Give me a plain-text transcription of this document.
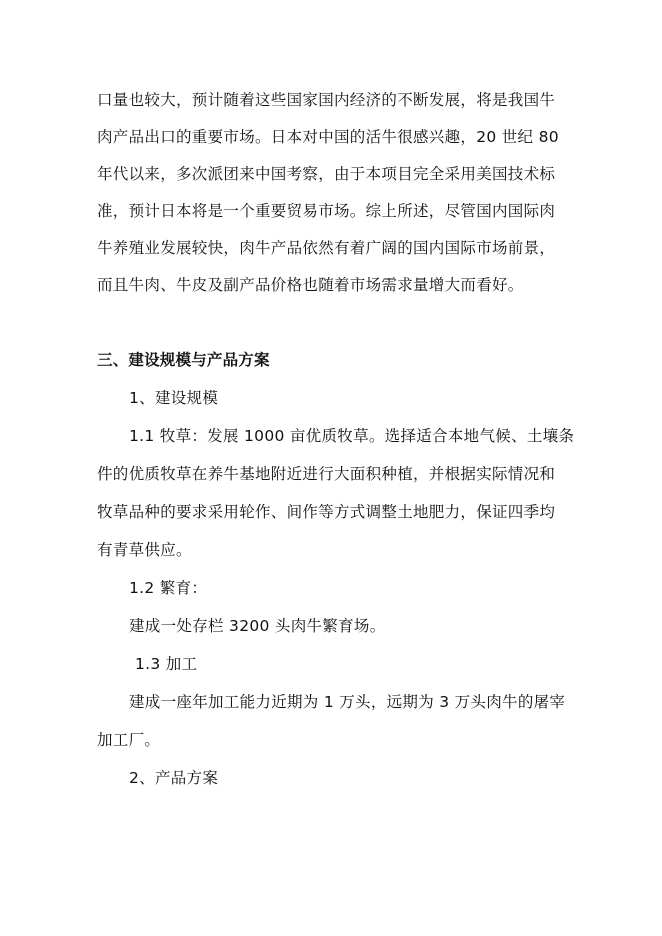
口量也较大，预计随着这些国家国内经济的不断发展，将是我国牛
肉产品出口的重要市场。日本对中国的活牛很感兴趣，20 世纪 80
年代以来，多次派团来中国考察，由于本项目完全采用美国技术标
准，预计日本将是一个重要贸易市场。综上所述，尽管国内国际肉
牛养殖业发展较快，肉牛产品依然有着广阔的国内国际市场前景，
而且牛肉、牛皮及副产品价格也随着市场需求量增大而看好。
三、建设规模与产品方案
1、建设规模
1.1 牧草：发展 1000 亩优质牧草。选择适合本地气候、土壤条
件的优质牧草在养牛基地附近进行大面积种植，并根据实际情况和
牧草品种的要求采用轮作、间作等方式调整土地肥力，保证四季均
有青草供应。
1.2 繁育：
建成一处存栏 3200 头肉牛繁育场。
1.3 加工
建成一座年加工能力近期为 1 万头，远期为 3 万头肉牛的屠宰
加工厂。
2、产品方案
